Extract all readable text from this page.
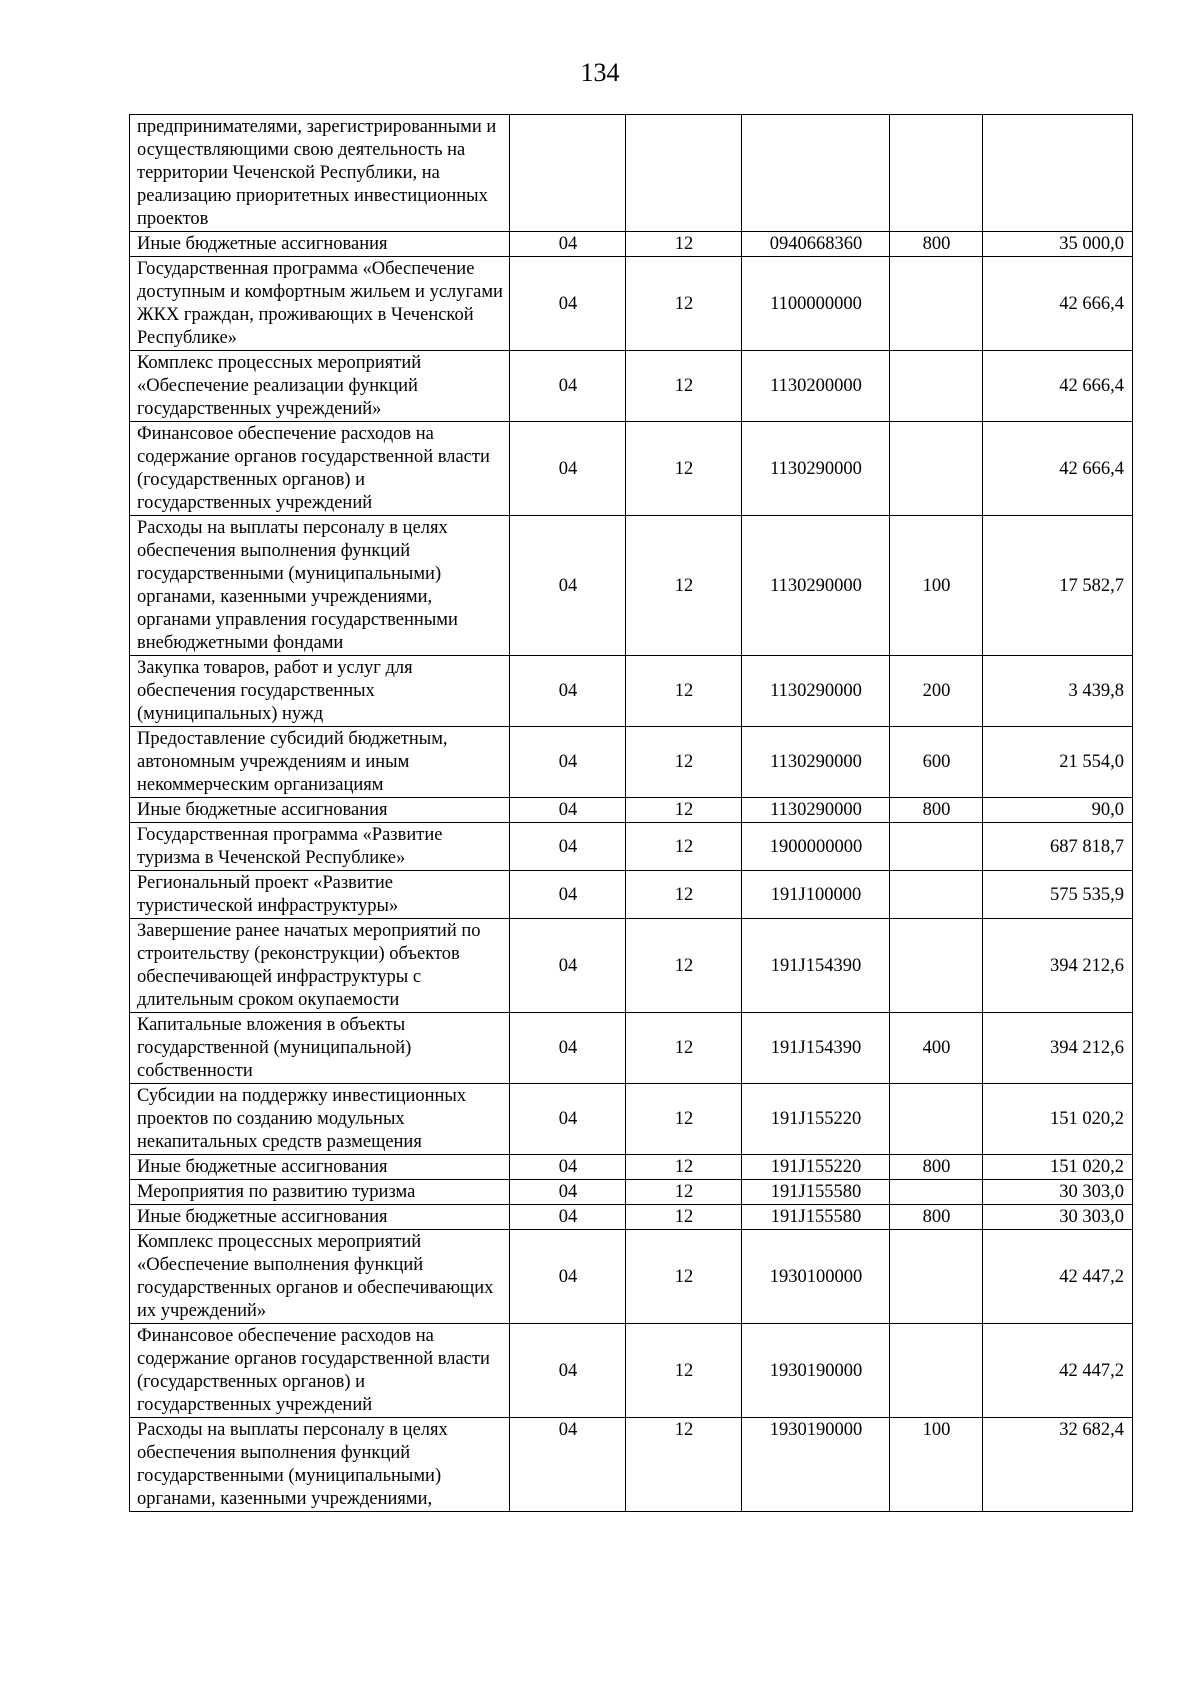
134
предпринимателями, зарегистрированными и осуществляющими свою деятельность на территории Чеченской Республики, на реализацию приоритетных инвестиционных проектов					
Иные бюджетные ассигнования	04	12	0940668360	800	35 000,0
Государственная программа «Обеспечение доступным и комфортным жильем и услугами ЖКХ граждан, проживающих в Чеченской Республике»	04	12	1100000000		42 666,4
Комплекс процессных мероприятий «Обеспечение реализации функций государственных учреждений»	04	12	1130200000		42 666,4
Финансовое обеспечение расходов на содержание органов государственной власти (государственных органов) и государственных учреждений	04	12	1130290000		42 666,4
Расходы на выплаты персоналу в целях обеспечения выполнения функций государственными (муниципальными) органами, казенными учреждениями, органами управления государственными внебюджетными фондами	04	12	1130290000	100	17 582,7
Закупка товаров, работ и услуг для обеспечения государственных (муниципальных) нужд	04	12	1130290000	200	3 439,8
Предоставление субсидий бюджетным, автономным учреждениям и иным некоммерческим организациям	04	12	1130290000	600	21 554,0
Иные бюджетные ассигнования	04	12	1130290000	800	90,0
Государственная программа «Развитие туризма в Чеченской Республике»	04	12	1900000000		687 818,7
Региональный проект «Развитие туристической инфраструктуры»	04	12	191J100000		575 535,9
Завершение ранее начатых мероприятий по строительству (реконструкции) объектов обеспечивающей инфраструктуры с длительным сроком окупаемости	04	12	191J154390		394 212,6
Капитальные вложения в объекты государственной (муниципальной) собственности	04	12	191J154390	400	394 212,6
Субсидии на поддержку инвестиционных проектов по созданию модульных некапитальных средств размещения	04	12	191J155220		151 020,2
Иные бюджетные ассигнования	04	12	191J155220	800	151 020,2
Мероприятия по развитию туризма	04	12	191J155580		30 303,0
Иные бюджетные ассигнования	04	12	191J155580	800	30 303,0
Комплекс процессных мероприятий «Обеспечение выполнения функций государственных органов и обеспечивающих их учреждений»	04	12	1930100000		42 447,2
Финансовое обеспечение расходов на содержание органов государственной власти (государственных органов) и государственных учреждений	04	12	1930190000		42 447,2
Расходы на выплаты персоналу в целях обеспечения выполнения функций государственными (муниципальными) органами, казенными учреждениями,	04	12	1930190000	100	32 682,4
